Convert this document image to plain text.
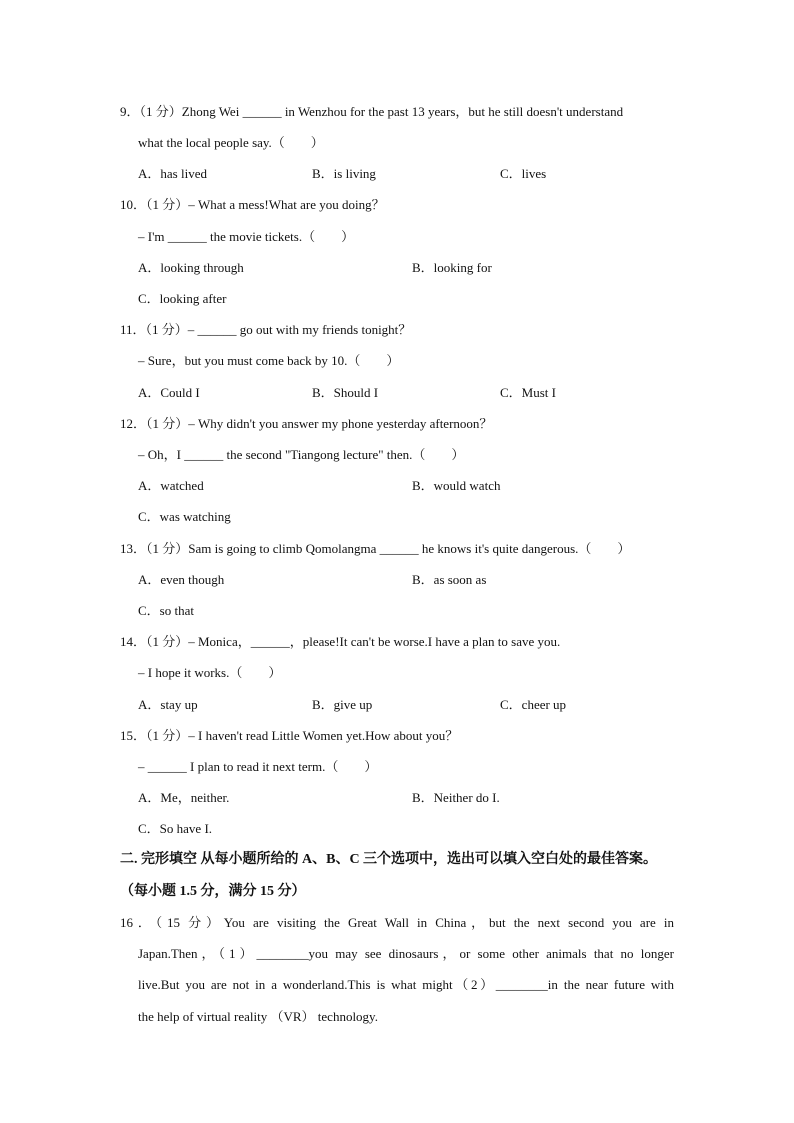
9．（1 分）Zhong Wei ______ in Wenzhou for the past 13 years，but he still doesn't understand
what the local people say.（　　）
A．has lived	B．is living	C．lives
10．（1 分）– What a mess!What are you doing？
– I'm ______ the movie tickets.（　　）
A．looking through	B．looking for
C．looking after
11．（1 分）– ______ go out with my friends tonight？
– Sure，but you must come back by 10.（　　）
A．Could I	B．Should I	C．Must I
12．（1 分）– Why didn't you answer my phone yesterday afternoon？
– Oh，I ______ the second "Tiangong lecture" then.（　　）
A．watched	B．would watch
C．was watching
13．（1 分）Sam is going to climb Qomolangma ______ he knows it's quite dangerous.（　　）
A．even though	B．as soon as
C．so that
14．（1 分）– Monica，______，please!It can't be worse.I have a plan to save you.
– I hope it works.（　　）
A．stay up	B．give up	C．cheer up
15．（1 分）– I haven't read Little Women yet.How about you？
– ______ I plan to read it next term.（　　）
A．Me，neither.	B．Neither do I.
C．So have I.
二. 完形填空 从每小题所给的 A、B、C 三个选项中，选出可以填入空白处的最佳答案。
（每小题 1.5 分，满分 15 分）
16．（15 分）You are visiting the Great Wall in China，but the next second you are in
Japan.Then，（1）________you may see dinosaurs，or some other animals that no longer
live.But you are not in a wonderland.This is what might（2）________in the near future with
the help of virtual reality （VR） technology.
